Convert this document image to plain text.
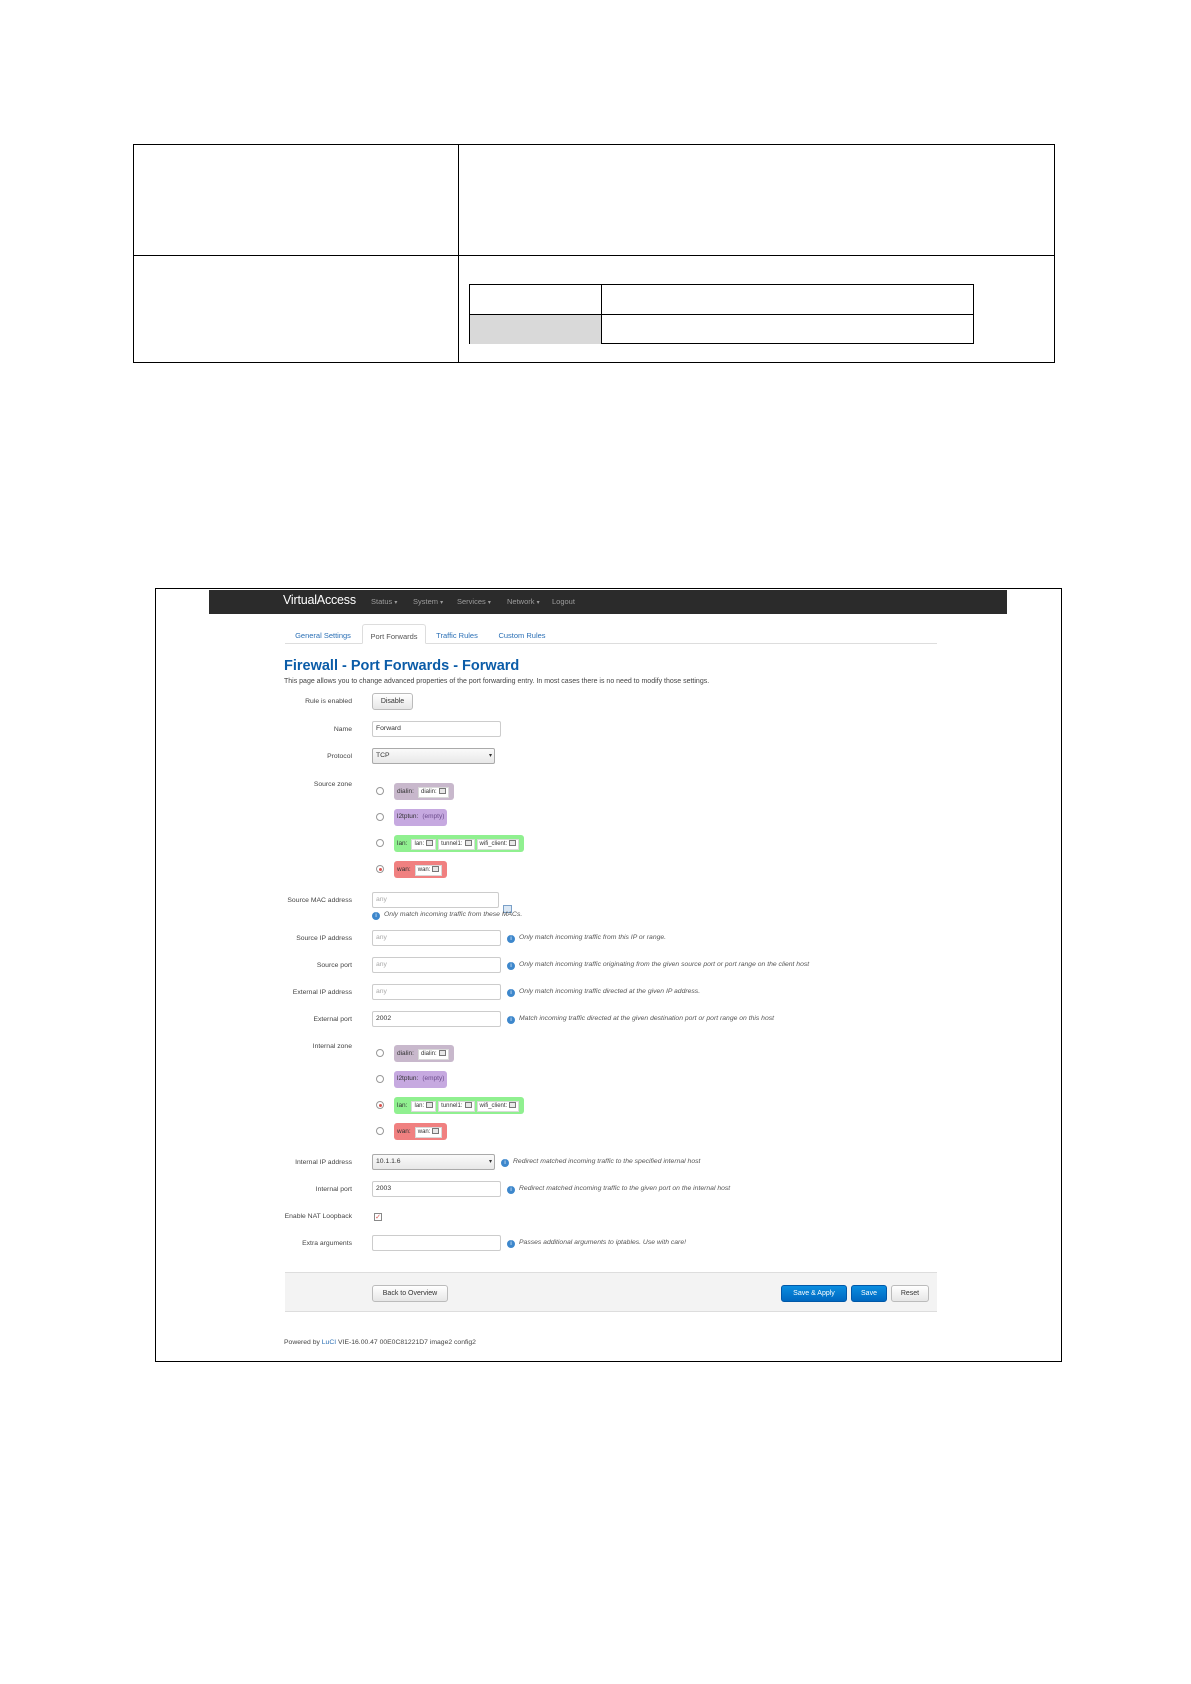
VirtualAccess Status ▾ System ▾ Services ▾ Network ▾ Logout
General Settings	Port Forwards	Traffic Rules	Custom Rules
Firewall - Port Forwards - Forward
This page allows you to change advanced properties of the port forwarding entry. In most cases there is no need to modify those settings.
Rule is enabled	Disable
Name	Forward
Protocol	TCP	▾
Source zone
dialin: dialin:
l2tptun: (empty)
lan: lan:	tunnel1:	wifi_client:
wan: wan:
Source MAC address	any
i Only match incoming traffic from these MACs.
Source IP address	any	i Only match incoming traffic from this IP or range.
Source port	any	i Only match incoming traffic originating from the given source port or port range on the client host
External IP address	any	i Only match incoming traffic directed at the given IP address.
External port	2002	i Match incoming traffic directed at the given destination port or port range on this host
Internal zone
dialin: dialin:
l2tptun: (empty)
lan: lan:	tunnel1:	wifi_client:
wan: wan:
Internal IP address	10.1.1.6	▾	i Redirect matched incoming traffic to the specified internal host
Internal port	2003	i Redirect matched incoming traffic to the given port on the internal host
Enable NAT Loopback	✓
Extra arguments	i Passes additional arguments to iptables. Use with care!
Back to Overview	Save & Apply	Save	Reset
Powered by LuCI VIE-16.00.47 00E0C81221D7 image2 config2
